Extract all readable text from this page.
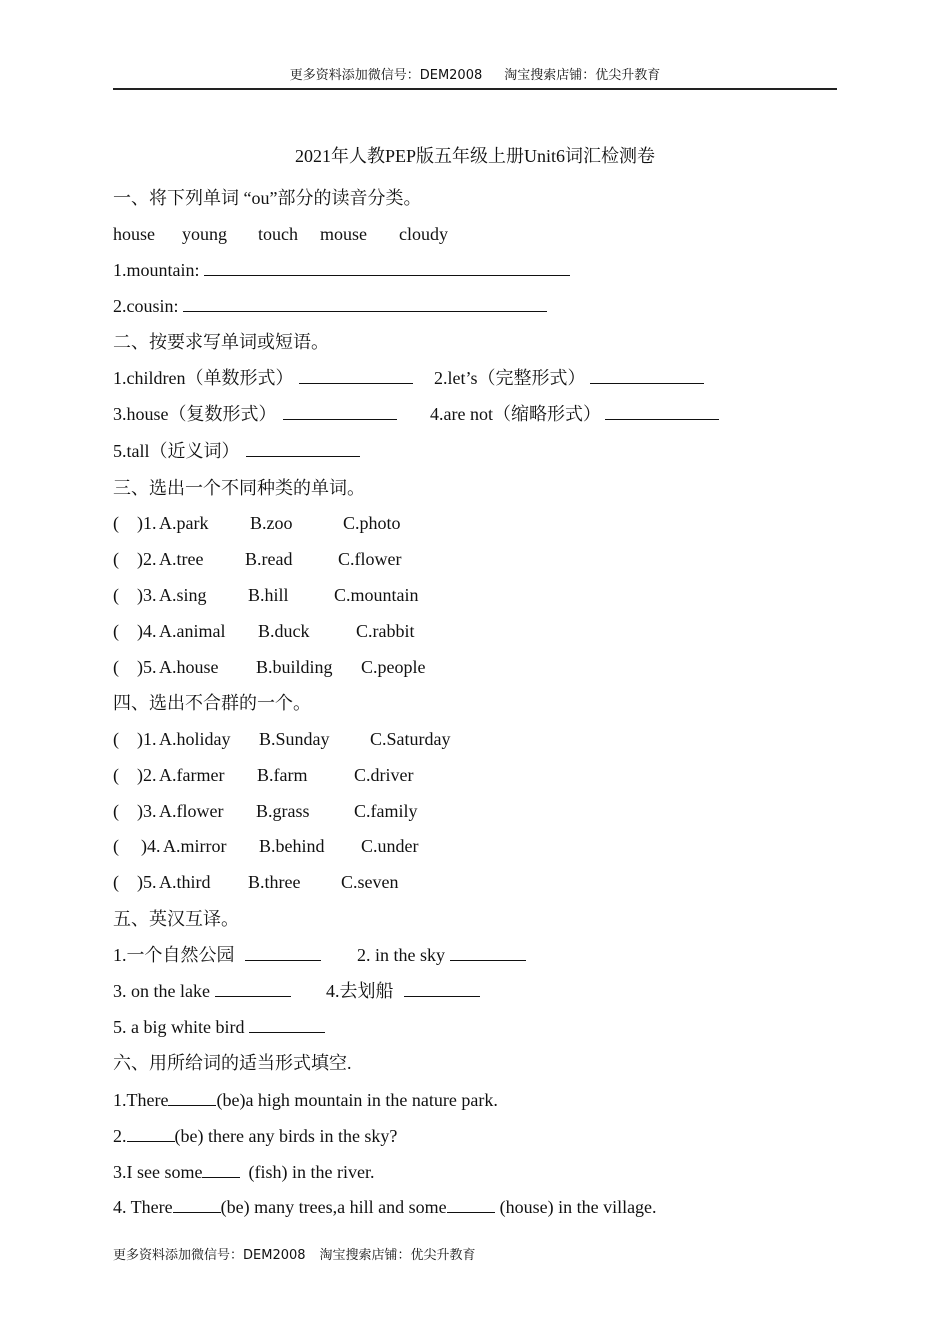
更多资料添加微信号：DEM2008 淘宝搜索店铺：优尖升教育
2021年人教PEP版五年级上册Unit6词汇检测卷
一、将下列单词 “ou”部分的读音分类。
house young touch mouse cloudy
1.mountain:
2.cousin:
二、按要求写单词或短语。
1.children（单数形式）	2.let’s（完整形式）
3.house（复数形式）	4.are not（缩略形式）
5.tall（近义词）
三、选出一个不同种类的单词。
( ) 1. A.park B.zoo	C.photo
( ) 2. A.tree B.read	C.flower
( ) 3. A.sing B.hill	C.mountain
( ) 4. A.animal B.duck	C.rabbit
( ) 5. A.house B.building C.people
四、选出不合群的一个。
( ) 1. A.holiday B.Sunday C.Saturday
( ) 2. A.farmer B.farm	C.driver
( ) 3. A.flower B.grass C.family
( ) 4. A.mirror B.behind C.under
( ) 5. A.third B.three C.seven
五、英汉互译。
1.一个自然公园	2. in the sky
3. on the lake	4.去划船
5. a big white bird
六、用所给词的适当形式填空.
1.There	(be)a high mountain in the nature park.
2.	(be) there any birds in the sky?
3.I see some	(fish) in the river.
4. There	(be) many trees,a hill and some	(house) in the village.
更多资料添加微信号：DEM2008 淘宝搜索店铺：优尖升教育
